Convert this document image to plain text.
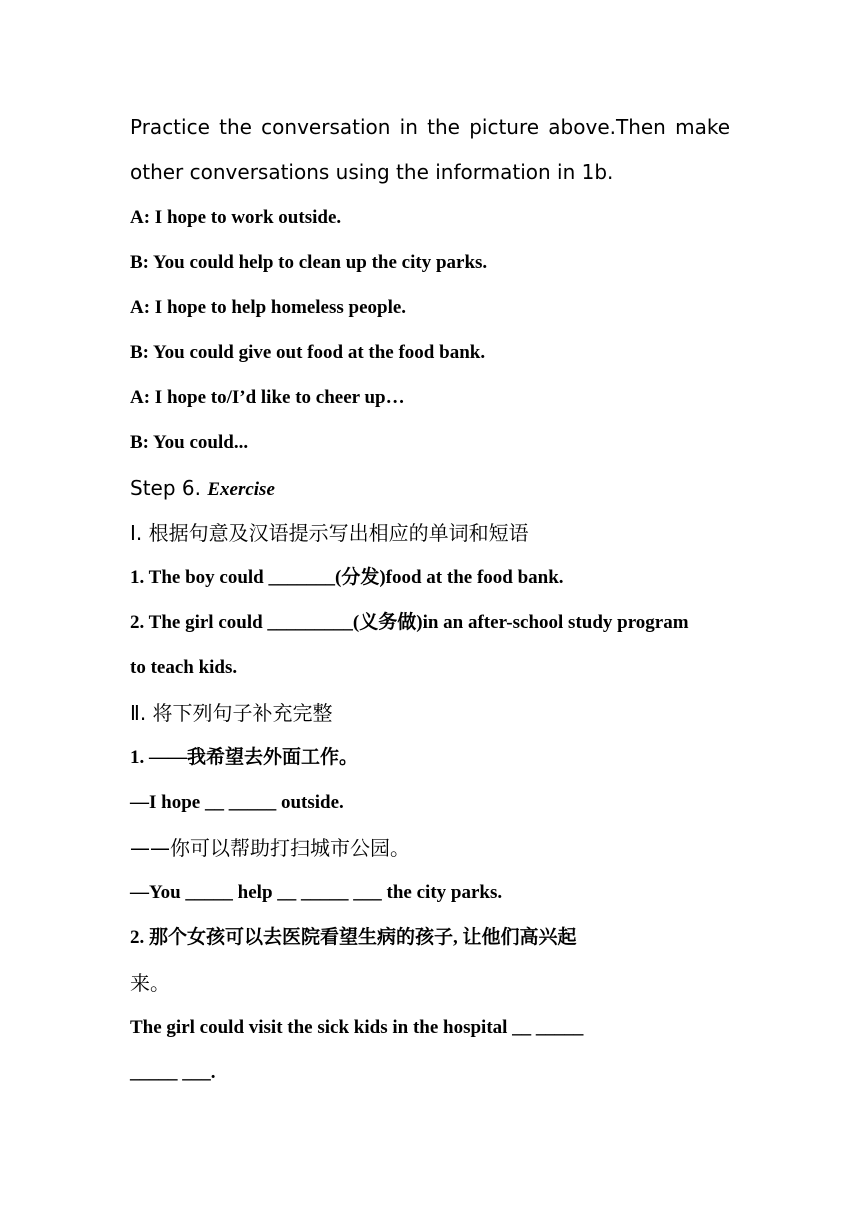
Practice the conversation in the picture above.Then make
other conversations using the information in 1b.
A: I hope to work outside.
B: You could help to clean up the city parks.
A: I hope to help homeless people.
B: You could give out food at the food bank.
A: I hope to/I’d like to cheer up…
B: You could...
Step 6. Exercise
Ⅰ. 根据句意及汉语提示写出相应的单词和短语
1. The boy could _______(分发)food at the food bank.
2. The girl could _________(义务做)in an after-school study program
to teach kids.
Ⅱ. 将下列句子补充完整
1. ——我希望去外面工作。
—I hope __ _____ outside.
——你可以帮助打扫城市公园。
—You _____ help __ _____ ___ the city parks.
2. 那个女孩可以去医院看望生病的孩子, 让他们高兴起
来。
The girl could visit the sick kids in the hospital __ _____
_____ ___.
